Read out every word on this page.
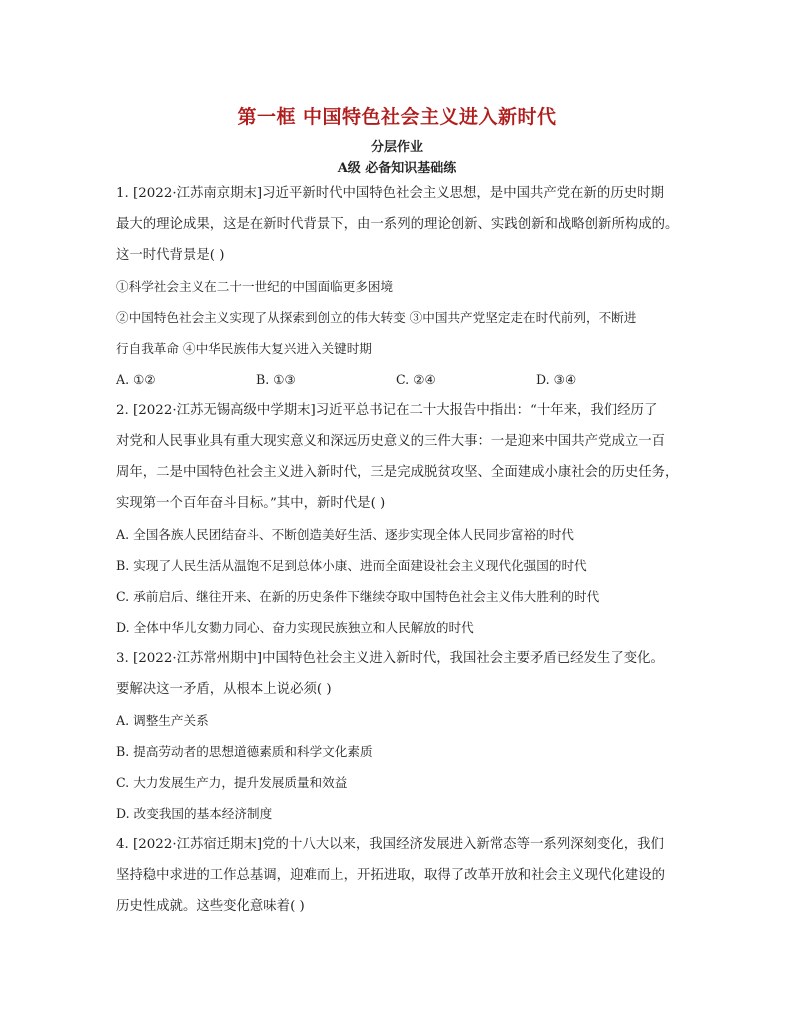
第一框 中国特色社会主义进入新时代
分层作业
A级 必备知识基础练
1. [2022·江苏南京期末]习近平新时代中国特色社会主义思想，是中国共产党在新的历史时期
最大的理论成果，这是在新时代背景下，由一系列的理论创新、实践创新和战略创新所构成的。
这一时代背景是( )
①科学社会主义在二十一世纪的中国面临更多困境
②中国特色社会主义实现了从探索到创立的伟大转变 ③中国共产党坚定走在时代前列，不断进
行自我革命 ④中华民族伟大复兴进入关键时期
A. ①②	B. ①③	C. ②④	D. ③④
2. [2022·江苏无锡高级中学期末]习近平总书记在二十大报告中指出：“十年来，我们经历了
对党和人民事业具有重大现实意义和深远历史意义的三件大事：一是迎来中国共产党成立一百
周年，二是中国特色社会主义进入新时代，三是完成脱贫攻坚、全面建成小康社会的历史任务，
实现第一个百年奋斗目标。”其中，新时代是( )
A. 全国各族人民团结奋斗、不断创造美好生活、逐步实现全体人民同步富裕的时代
B. 实现了人民生活从温饱不足到总体小康、进而全面建设社会主义现代化强国的时代
C. 承前启后、继往开来、在新的历史条件下继续夺取中国特色社会主义伟大胜利的时代
D. 全体中华儿女勠力同心、奋力实现民族独立和人民解放的时代
3. [2022·江苏常州期中]中国特色社会主义进入新时代，我国社会主要矛盾已经发生了变化。
要解决这一矛盾，从根本上说必须( )
A. 调整生产关系
B. 提高劳动者的思想道德素质和科学文化素质
C. 大力发展生产力，提升发展质量和效益
D. 改变我国的基本经济制度
4. [2022·江苏宿迁期末]党的十八大以来，我国经济发展进入新常态等一系列深刻变化，我们
坚持稳中求进的工作总基调，迎难而上，开拓进取，取得了改革开放和社会主义现代化建设的
历史性成就。这些变化意味着( )
